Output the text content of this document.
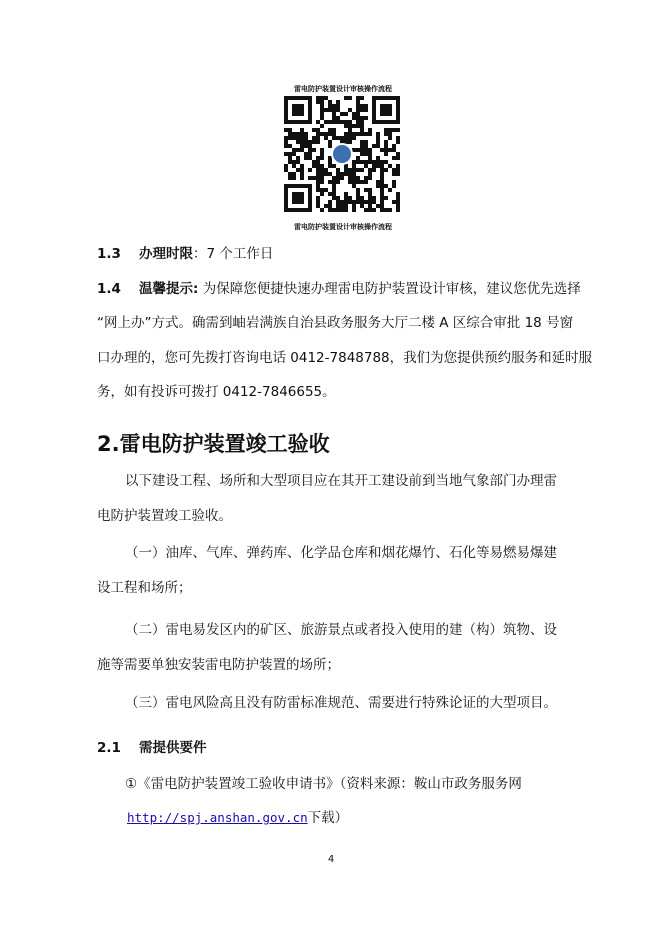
雷电防护装置设计审核操作流程
雷电防护装置设计审核操作流程
1.3 办理时限：7 个工作日
1.4 温馨提示: 为保障您便捷快速办理雷电防护装置设计审核，建议您优先选择
“网上办”方式。确需到岫岩满族自治县政务服务大厅二楼 A 区综合审批 18 号窗
口办理的，您可先拨打咨询电话 0412-7848788，我们为您提供预约服务和延时服
务，如有投诉可拨打 0412-7846655。
2.雷电防护装置竣工验收
以下建设工程、场所和大型项目应在其开工建设前到当地气象部门办理雷
电防护装置竣工验收。
（一）油库、气库、弹药库、化学品仓库和烟花爆竹、石化等易燃易爆建
设工程和场所；
（二）雷电易发区内的矿区、旅游景点或者投入使用的建（构）筑物、设
施等需要单独安装雷电防护装置的场所；
（三）雷电风险高且没有防雷标准规范、需要进行特殊论证的大型项目。
2.1 需提供要件
①《雷电防护装置竣工验收申请书》（资料来源：鞍山市政务服务网
http://spj.anshan.gov.cn下载）
4
